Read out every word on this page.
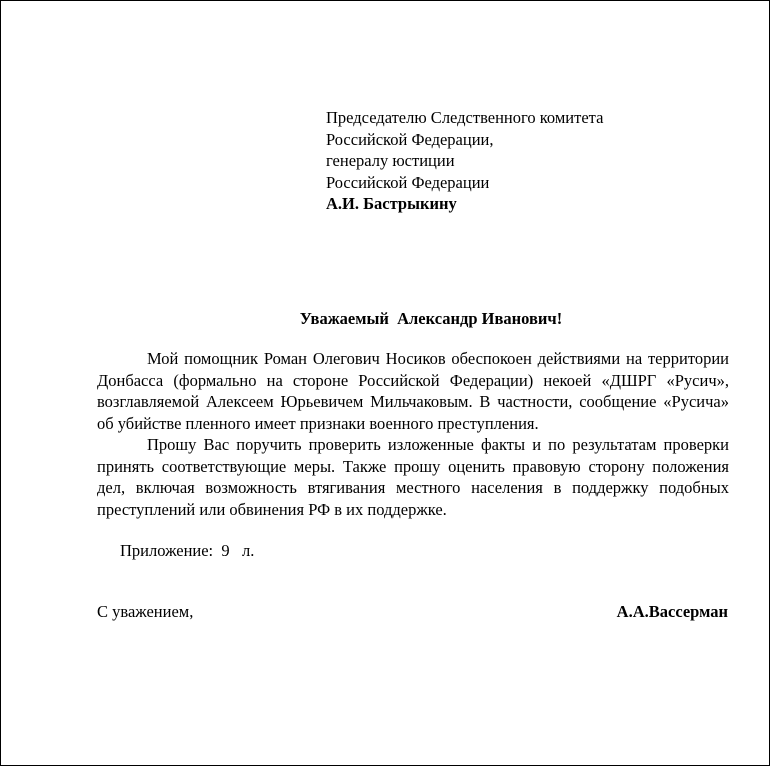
Председателю Следственного комитета
Российской Федерации,
генералу юстиции
Российской Федерации
А.И. Бастрыкину
Уважаемый  Александр Иванович!

Мой помощник Роман Олегович Носиков обеспокоен действиями на территории Донбасса (формально на стороне Российской Федерации) некоей «ДШРГ «Русич», возглавляемой Алексеем Юрьевичем Мильчаковым. В частности, сообщение «Русича» об убийстве пленного имеет признаки военного преступления.

Прошу Вас поручить проверить изложенные факты и по результатам проверки принять соответствующие меры. Также прошу оценить правовую сторону положения дел, включая возможность втягивания местного населения в поддержку подобных преступлений или обвинения РФ в их поддержке.

Приложение:  9   л.
С уважением,	А.А.Вассерман
